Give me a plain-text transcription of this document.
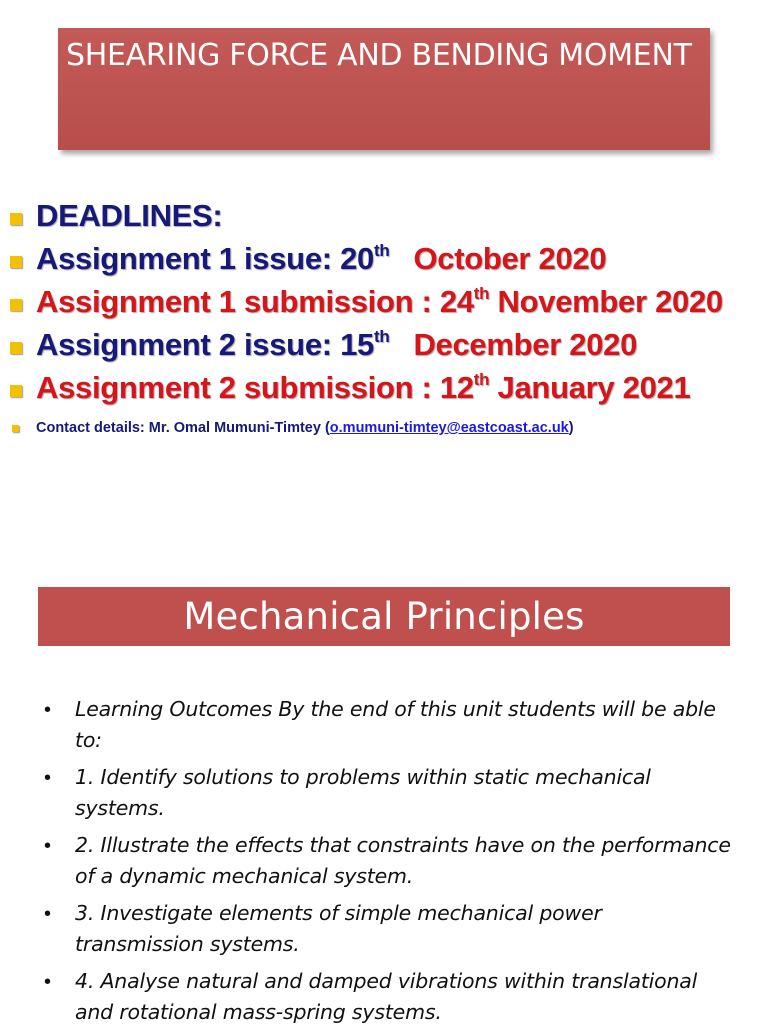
SHEARING FORCE AND BENDING MOMENT
DEADLINES:
Assignment 1 issue: 20th October 2020
Assignment 1 submission : 24th November 2020
Assignment 2 issue: 15th December 2020
Assignment 2 submission : 12th January 2021
Contact details: Mr. Omal Mumuni-Timtey (o.mumuni-timtey@eastcoast.ac.uk)
Mechanical Principles
• Learning Outcomes By the end of this unit students will be able to:
• 1. Identify solutions to problems within static mechanical systems.
• 2. Illustrate the effects that constraints have on the performance of a dynamic mechanical system.
• 3. Investigate elements of simple mechanical power transmission systems.
• 4. Analyse natural and damped vibrations within translational and rotational mass-spring systems.
